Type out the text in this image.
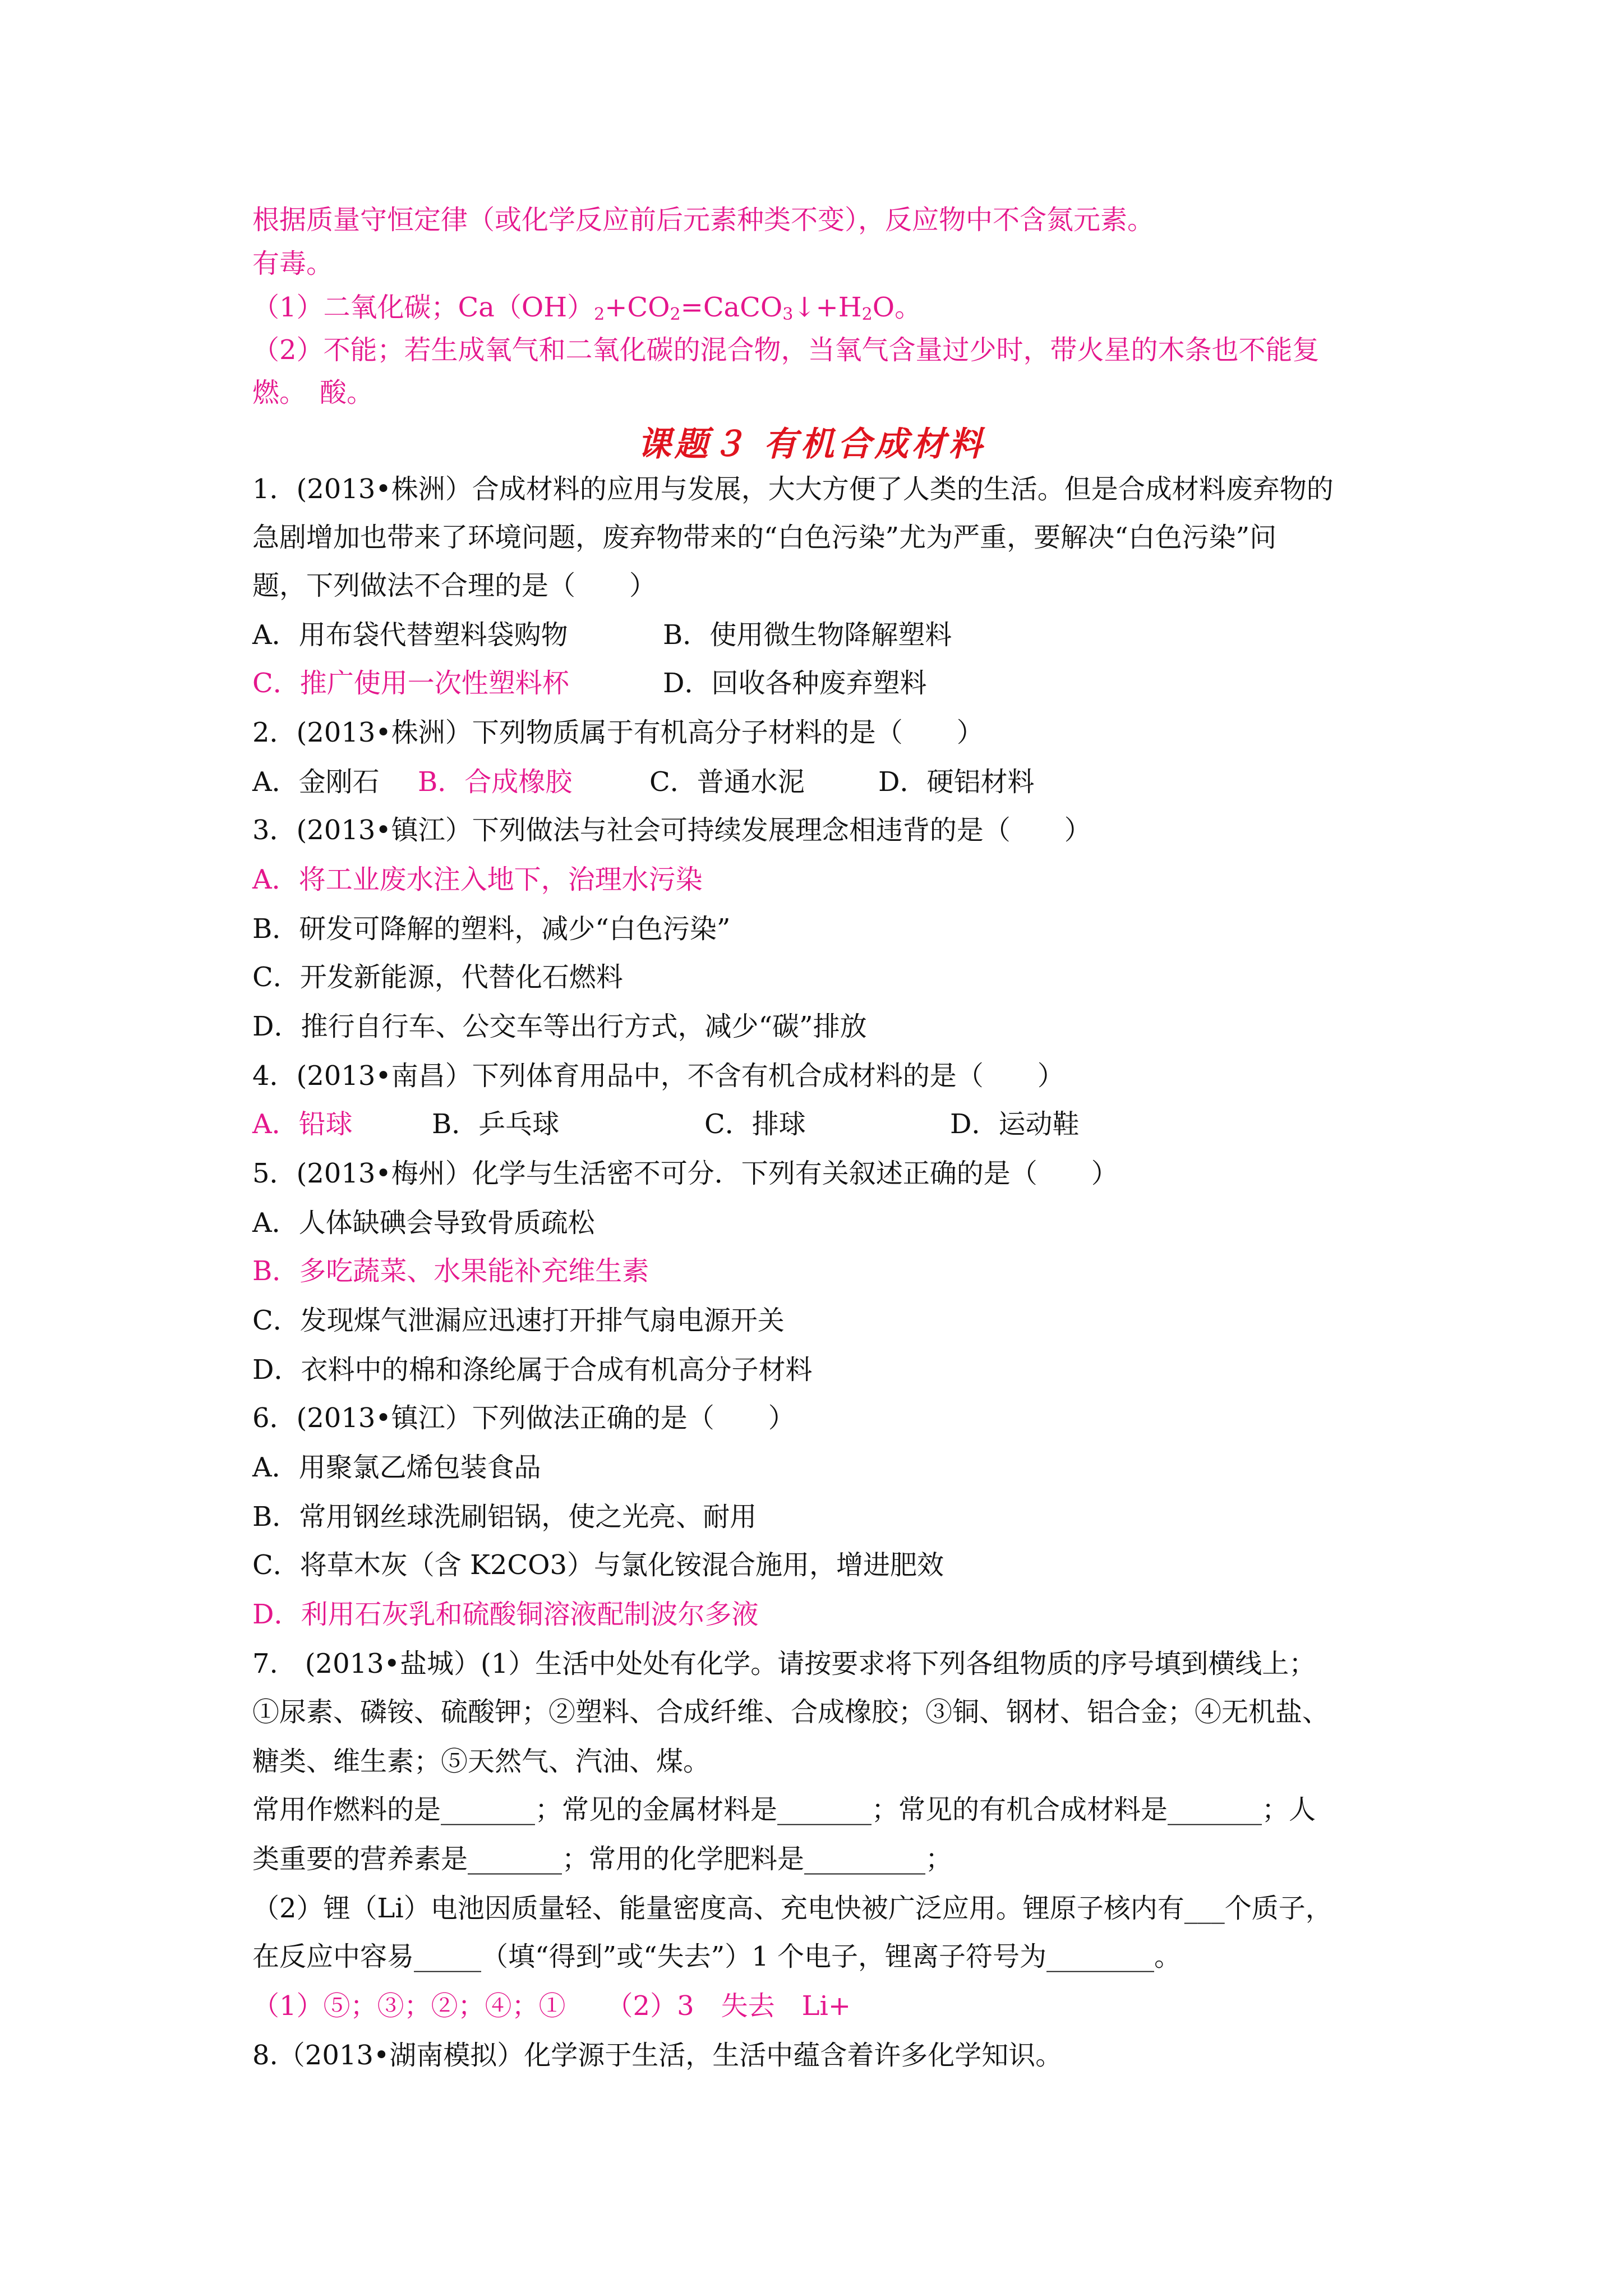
根据质量守恒定律（或化学反应前后元素种类不变），反应物中不含氮元素。
有毒。
（1）二氧化碳；$Ca(OH)_2+CO_2=CaCO_3↓+H_2O$。
（2）不能；若生成氧气和二氧化碳的混合物，当氧气含量过少时，带火星的木条也不能复
燃。　酸。
课题３ 有机合成材料
1．(2013•株洲）合成材料的应用与发展，大大方便了人类的生活。但是合成材料废弃物的
急剧增加也带来了环境问题，废弃物带来的“白色污染”尤为严重，要解决“白色污染”问
题，下列做法不合理的是（　　）
A．用布袋代替塑料袋购物	B．使用微生物降解塑料
C．推广使用一次性塑料杯	D．回收各种废弃塑料
2．(2013•株洲）下列物质属于有机高分子材料的是（　　）
A．金刚石 B．合成橡胶	C．普通水泥	D．硬铝材料
3．(2013•镇江）下列做法与社会可持续发展理念相违背的是（　　）
A．将工业废水注入地下，治理水污染
B．研发可降解的塑料，减少“白色污染”
C．开发新能源，代替化石燃料
D．推行自行车、公交车等出行方式，减少“碳”排放
4．(2013•南昌）下列体育用品中，不含有机合成材料的是（　　）
A．铅球	B．乒乓球	C．排球	D．运动鞋
5．(2013•梅州）化学与生活密不可分．下列有关叙述正确的是（　　）
A．人体缺碘会导致骨质疏松
B．多吃蔬菜、水果能补充维生素
C．发现煤气泄漏应迅速打开排气扇电源开关
D．衣料中的棉和涤纶属于合成有机高分子材料
6．(2013•镇江）下列做法正确的是（　　）
A．用聚氯乙烯包装食品
B．常用钢丝球洗刷铝锅，使之光亮、耐用
C．将草木灰（含 K2CO3）与氯化铵混合施用，增进肥效
D．利用石灰乳和硫酸铜溶液配制波尔多液
7.　(2013•盐城）(1）生活中处处有化学。请按要求将下列各组物质的序号填到横线上；
①尿素、磷铵、硫酸钾；②塑料、合成纤维、合成橡胶；③铜、钢材、铝合金；④无机盐、
糖类、维生素；⑤天然气、汽油、煤。
常用作燃料的是_______；常见的金属材料是_______；常见的有机合成材料是_______；人
类重要的营养素是_______；常用的化学肥料是_________；
（2）锂（Li）电池因质量轻、能量密度高、充电快被广泛应用。锂原子核内有___个质子，
在反应中容易_____（填“得到”或“失去”）1 个电子，锂离子符号为________。
（1）⑤；③；②；④；①　　（2）3　失去　Li+
8.（2013•湖南模拟）化学源于生活，生活中蕴含着许多化学知识。
